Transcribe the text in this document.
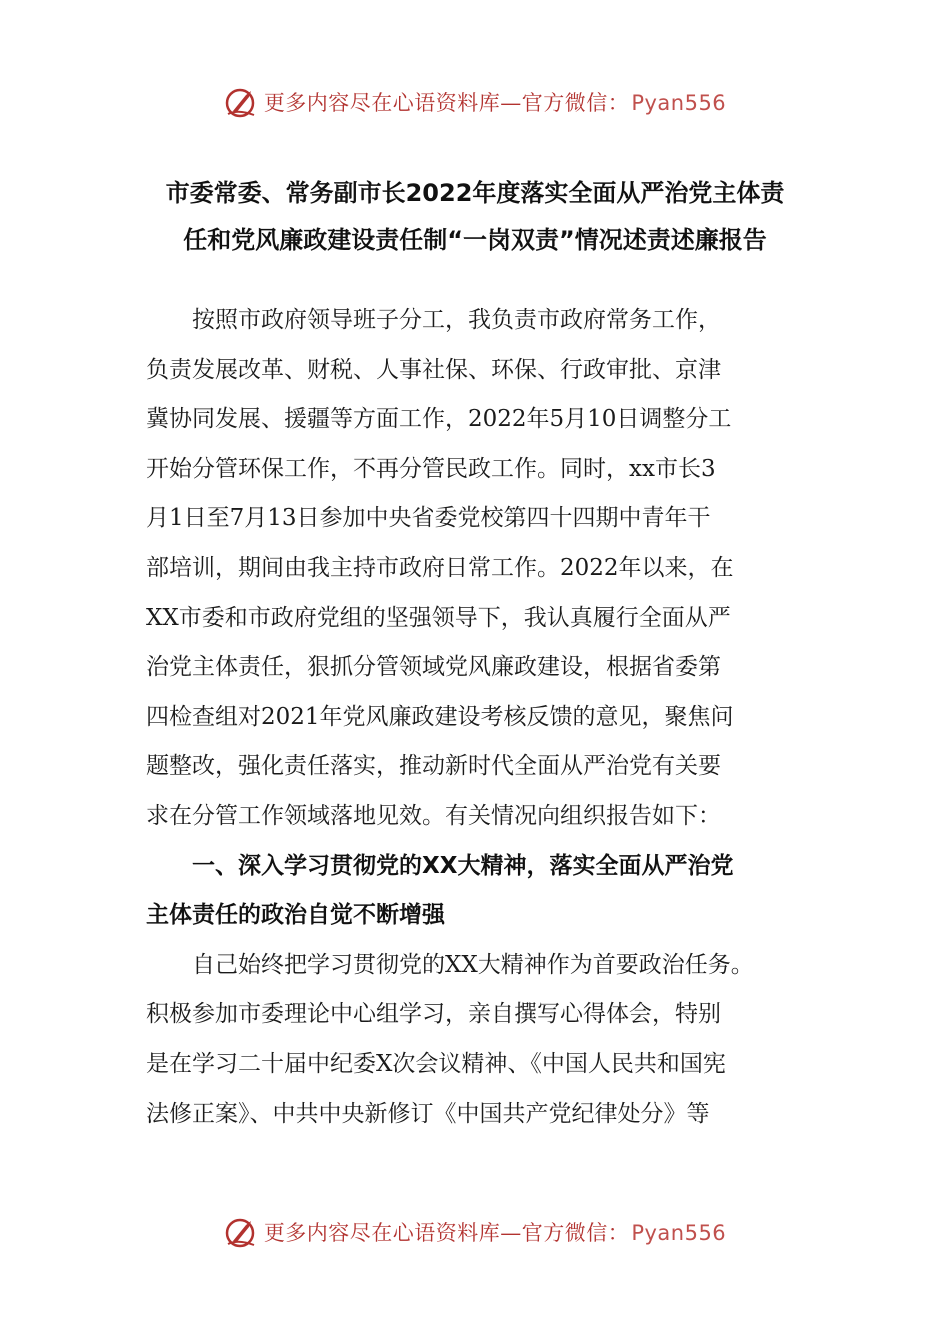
更多内容尽在心语资料库—官方微信：Pyan556
市委常委、常务副市长2022年度落实全面从严治党主体责
任和党风廉政建设责任制“一岗双责”情况述责述廉报告
　　按照市政府领导班子分工，我负责市政府常务工作，
负责发展改革、财税、人事社保、环保、行政审批、京津
冀协同发展、援疆等方面工作，2022年5月10日调整分工
开始分管环保工作，不再分管民政工作。同时，xx市长3
月1日至7月13日参加中央省委党校第四十四期中青年干
部培训，期间由我主持市政府日常工作。2022年以来，在
XX市委和市政府党组的坚强领导下，我认真履行全面从严
治党主体责任，狠抓分管领域党风廉政建设，根据省委第
四检查组对2021年党风廉政建设考核反馈的意见，聚焦问
题整改，强化责任落实，推动新时代全面从严治党有关要
求在分管工作领域落地见效。有关情况向组织报告如下：
　　一、深入学习贯彻党的XX大精神，落实全面从严治党
主体责任的政治自觉不断增强
　　自己始终把学习贯彻党的XX大精神作为首要政治任务。
积极参加市委理论中心组学习，亲自撰写心得体会，特别
是在学习二十届中纪委X次会议精神、《中国人民共和国宪
法修正案》、中共中央新修订《中国共产党纪律处分》等
更多内容尽在心语资料库—官方微信：Pyan556
